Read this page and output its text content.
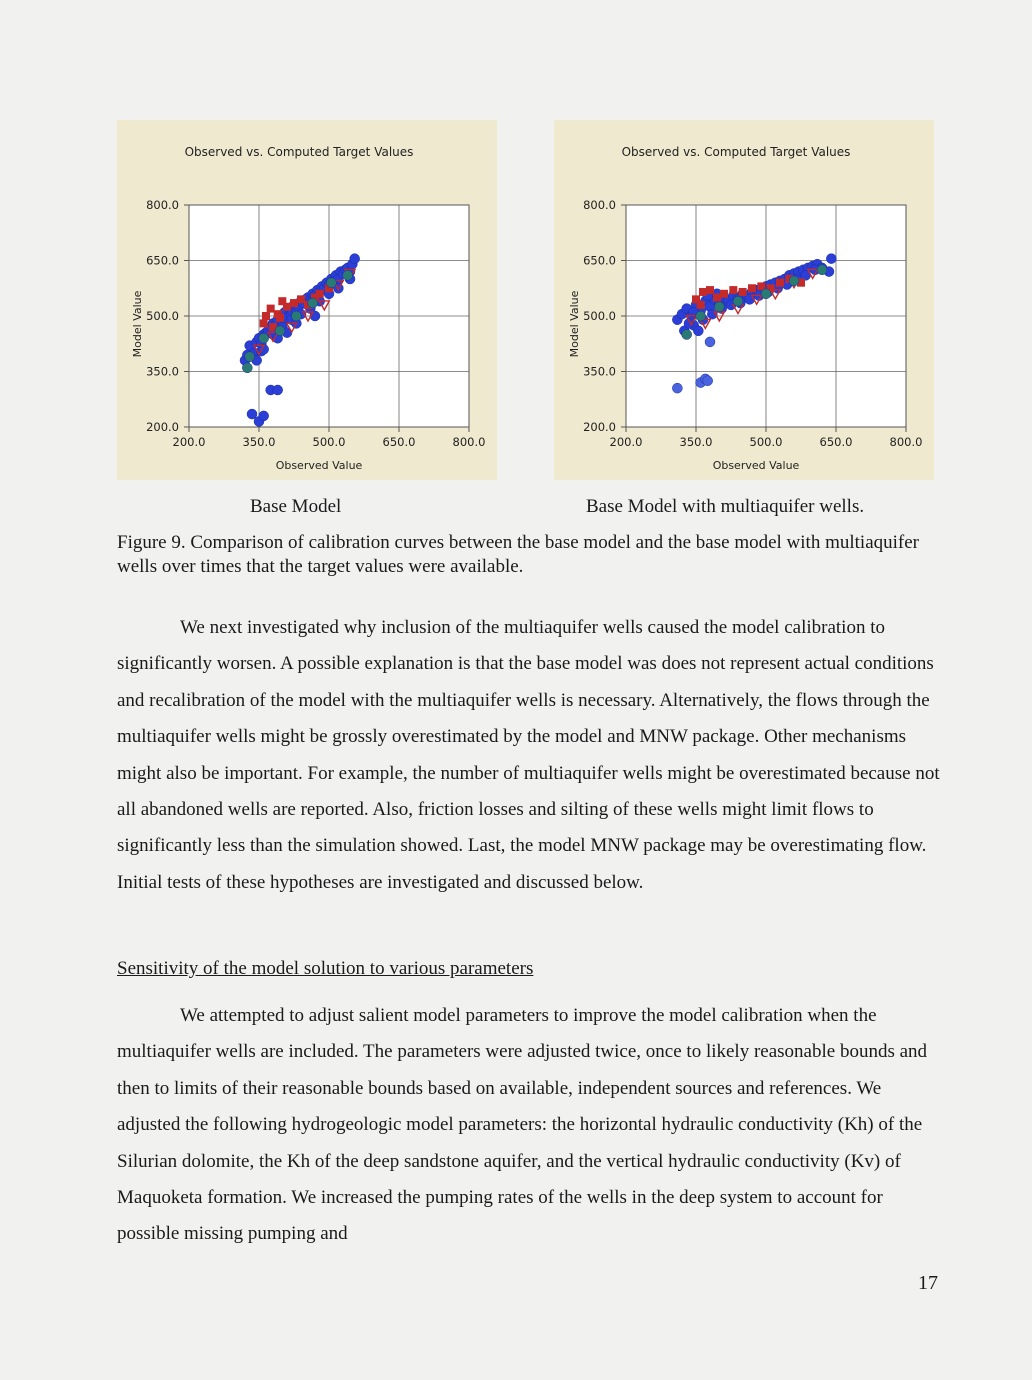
Observed vs. Computed Target Values
200.0	350.0	500.0	650.0	800.0
200.0
350.0
500.0
650.0
800.0
Observed Value
Model Value
Observed vs. Computed Target Values
200.0	350.0	500.0	650.0	800.0
200.0
350.0
500.0
650.0
800.0
Observed Value
Model Value
Base Model	Base Model with multiaquifer wells.
Figure 9. Comparison of calibration curves between the base model and the base model with multiaquifer wells over times that the target values were available.

We next investigated why inclusion of the multiaquifer wells caused the model calibration to significantly worsen. A possible explanation is that the base model was does not represent actual conditions and recalibration of the model with the multiaquifer wells is necessary. Alternatively, the flows through the multiaquifer wells might be grossly overestimated by the model and MNW package. Other mechanisms might also be important. For example, the number of multiaquifer wells might be overestimated because not all abandoned wells are reported. Also, friction losses and silting of these wells might limit flows to significantly less than the simulation showed. Last, the model MNW package may be overestimating flow. Initial tests of these hypotheses are investigated and discussed below.

Sensitivity of the model solution to various parameters

We attempted to adjust salient model parameters to improve the model calibration when the multiaquifer wells are included. The parameters were adjusted twice, once to likely reasonable bounds and then to limits of their reasonable bounds based on available, independent sources and references. We adjusted the following hydrogeologic model parameters: the horizontal hydraulic conductivity (Kh) of the Silurian dolomite, the Kh of the deep sandstone aquifer, and the vertical hydraulic conductivity (Kv) of Maquoketa formation. We increased the pumping rates of the wells in the deep system to account for possible missing pumping and

17
